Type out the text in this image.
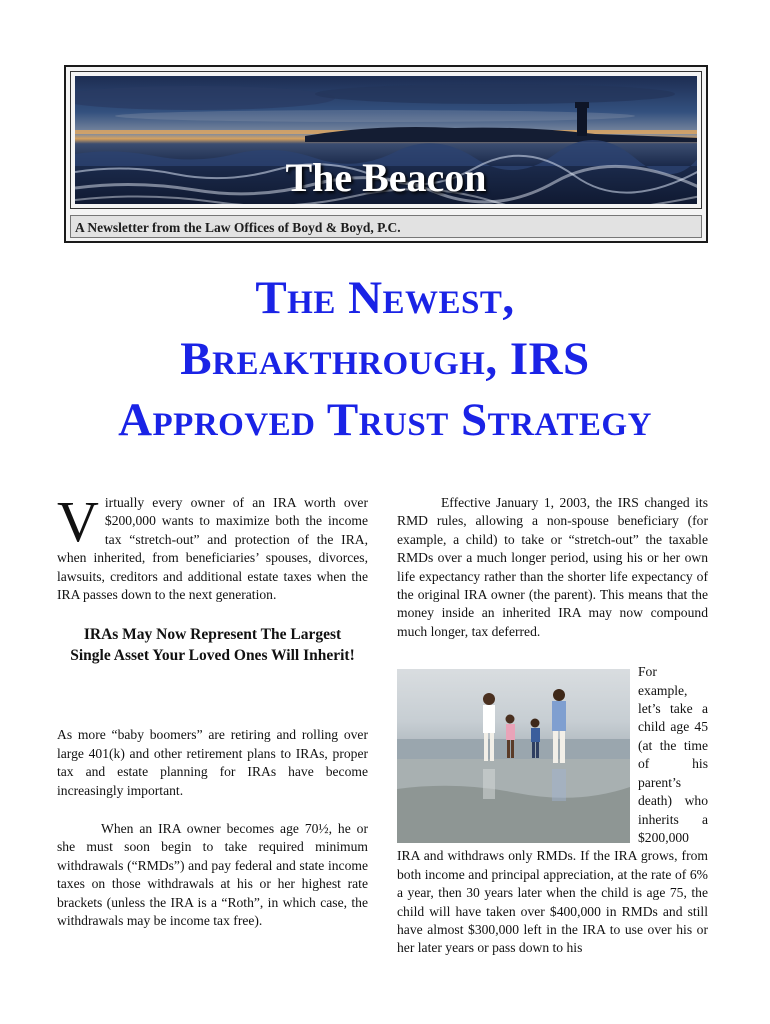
The Beacon
A Newsletter from the Law Offices of Boyd & Boyd, P.C.
The Newest,
Breakthrough, IRS
Approved Trust Strategy
V irtually every owner of an IRA worth over $200,000 wants to maximize both the income tax “stretch-out” and protection of the IRA, when inherited, from beneficiaries’ spouses, divorces, lawsuits, creditors and additional estate taxes when the IRA passes down to the next generation.

IRAs May Now Represent The Largest Single Asset Your Loved Ones Will Inherit!

As more “baby boomers” are retiring and rolling over large 401(k) and other retirement plans to IRAs, proper tax and estate planning for IRAs have become increasingly important.

When an IRA owner becomes age 70½, he or she must soon begin to take required minimum withdrawals (“RMDs”) and pay federal and state income taxes on those withdrawals at his or her highest rate brackets (unless the IRA is a “Roth”, in which case, the withdrawals may be income tax free).

Effective January 1, 2003, the IRS changed its RMD rules, allowing a non-spouse beneficiary (for example, a child) to take or “stretch-out” the taxable RMDs over a much longer period, using his or her own life expectancy rather than the shorter life expectancy of the original IRA owner (the parent). This means that the money inside an inherited IRA may now compound much longer, tax deferred.

For example, let’s take a child age 45 (at the time of his parent’s death) who inherits a $200,000 IRA and withdraws only RMDs. If the IRA grows, from both income and principal appreciation, at the rate of 6% a year, then 30 years later when the child is age 75, the child will have taken over $400,000 in RMDs and still have almost $300,000 left in the IRA to use over his or her later years or pass down to his
